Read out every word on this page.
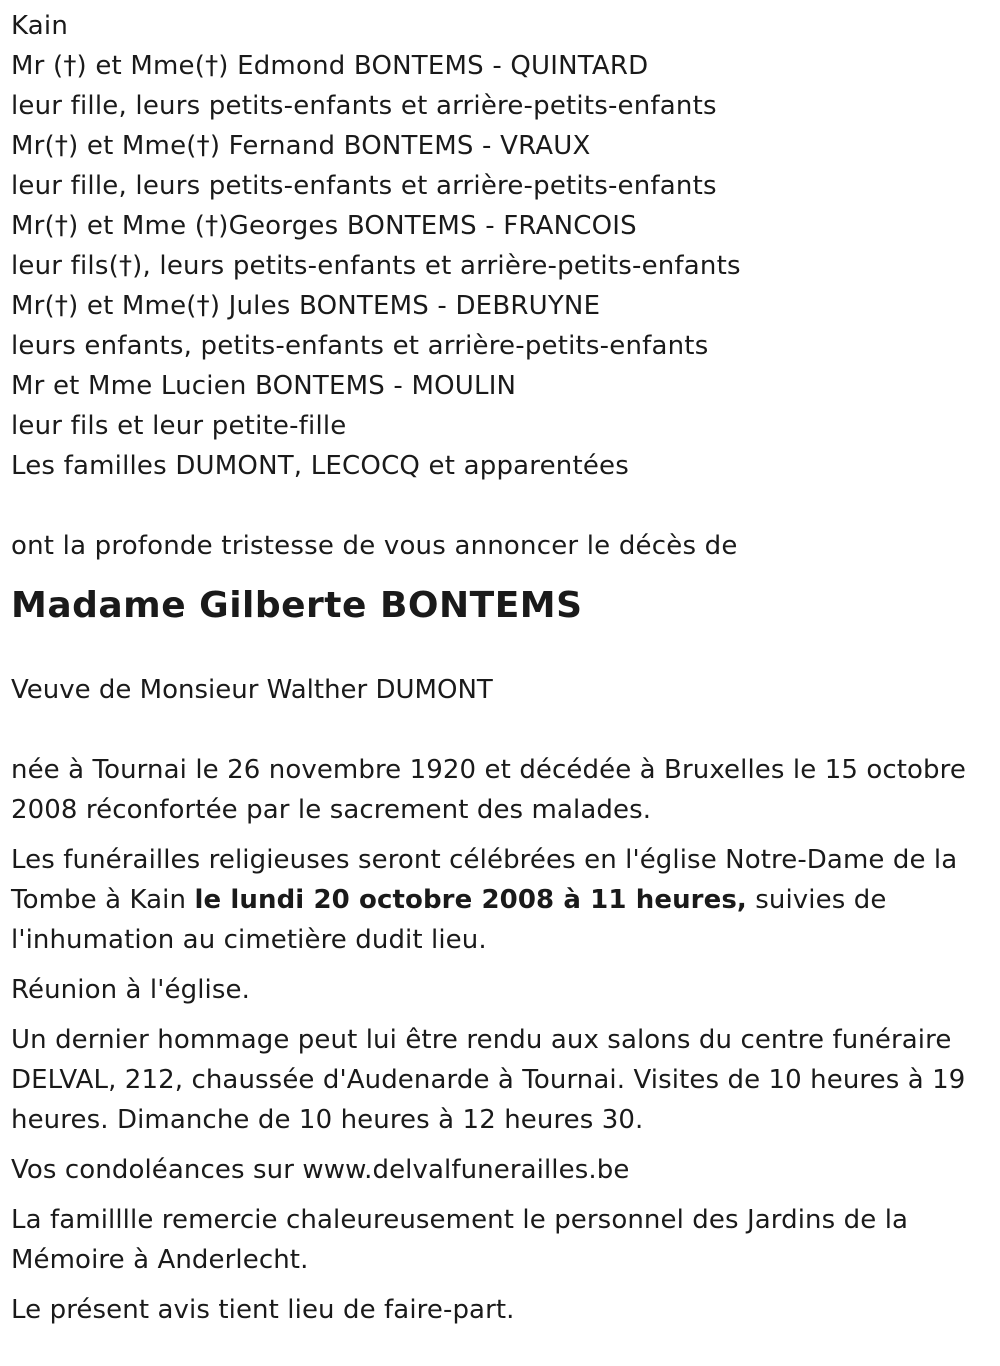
Kain
Mr (†) et Mme(†) Edmond BONTEMS - QUINTARD
leur fille, leurs petits-enfants et arrière-petits-enfants
Mr(†) et Mme(†) Fernand BONTEMS - VRAUX
leur fille, leurs petits-enfants et arrière-petits-enfants
Mr(†) et Mme (†)Georges BONTEMS - FRANCOIS
leur fils(†), leurs petits-enfants et arrière-petits-enfants
Mr(†) et Mme(†) Jules BONTEMS - DEBRUYNE
leurs enfants, petits-enfants et arrière-petits-enfants
Mr et Mme Lucien BONTEMS - MOULIN
leur fils et leur petite-fille
Les familles DUMONT, LECOCQ et apparentées
ont la profonde tristesse de vous annoncer le décès de
Madame Gilberte BONTEMS
Veuve de Monsieur Walther DUMONT

née à Tournai le 26 novembre 1920 et décédée à Bruxelles le 15 octobre 2008 réconfortée par le sacrement des malades.

Les funérailles religieuses seront célébrées en l'église Notre-Dame de la Tombe à Kain le lundi 20 octobre 2008 à 11 heures, suivies de l'inhumation au cimetière dudit lieu.

Réunion à l'église.

Un dernier hommage peut lui être rendu aux salons du centre funéraire DELVAL, 212, chaussée d'Audenarde à Tournai. Visites de 10 heures à 19 heures. Dimanche de 10 heures à 12 heures 30.

Vos condoléances sur www.delvalfunerailles.be

La familllle remercie chaleureusement le personnel des Jardins de la Mémoire à Anderlecht.

Le présent avis tient lieu de faire-part.
